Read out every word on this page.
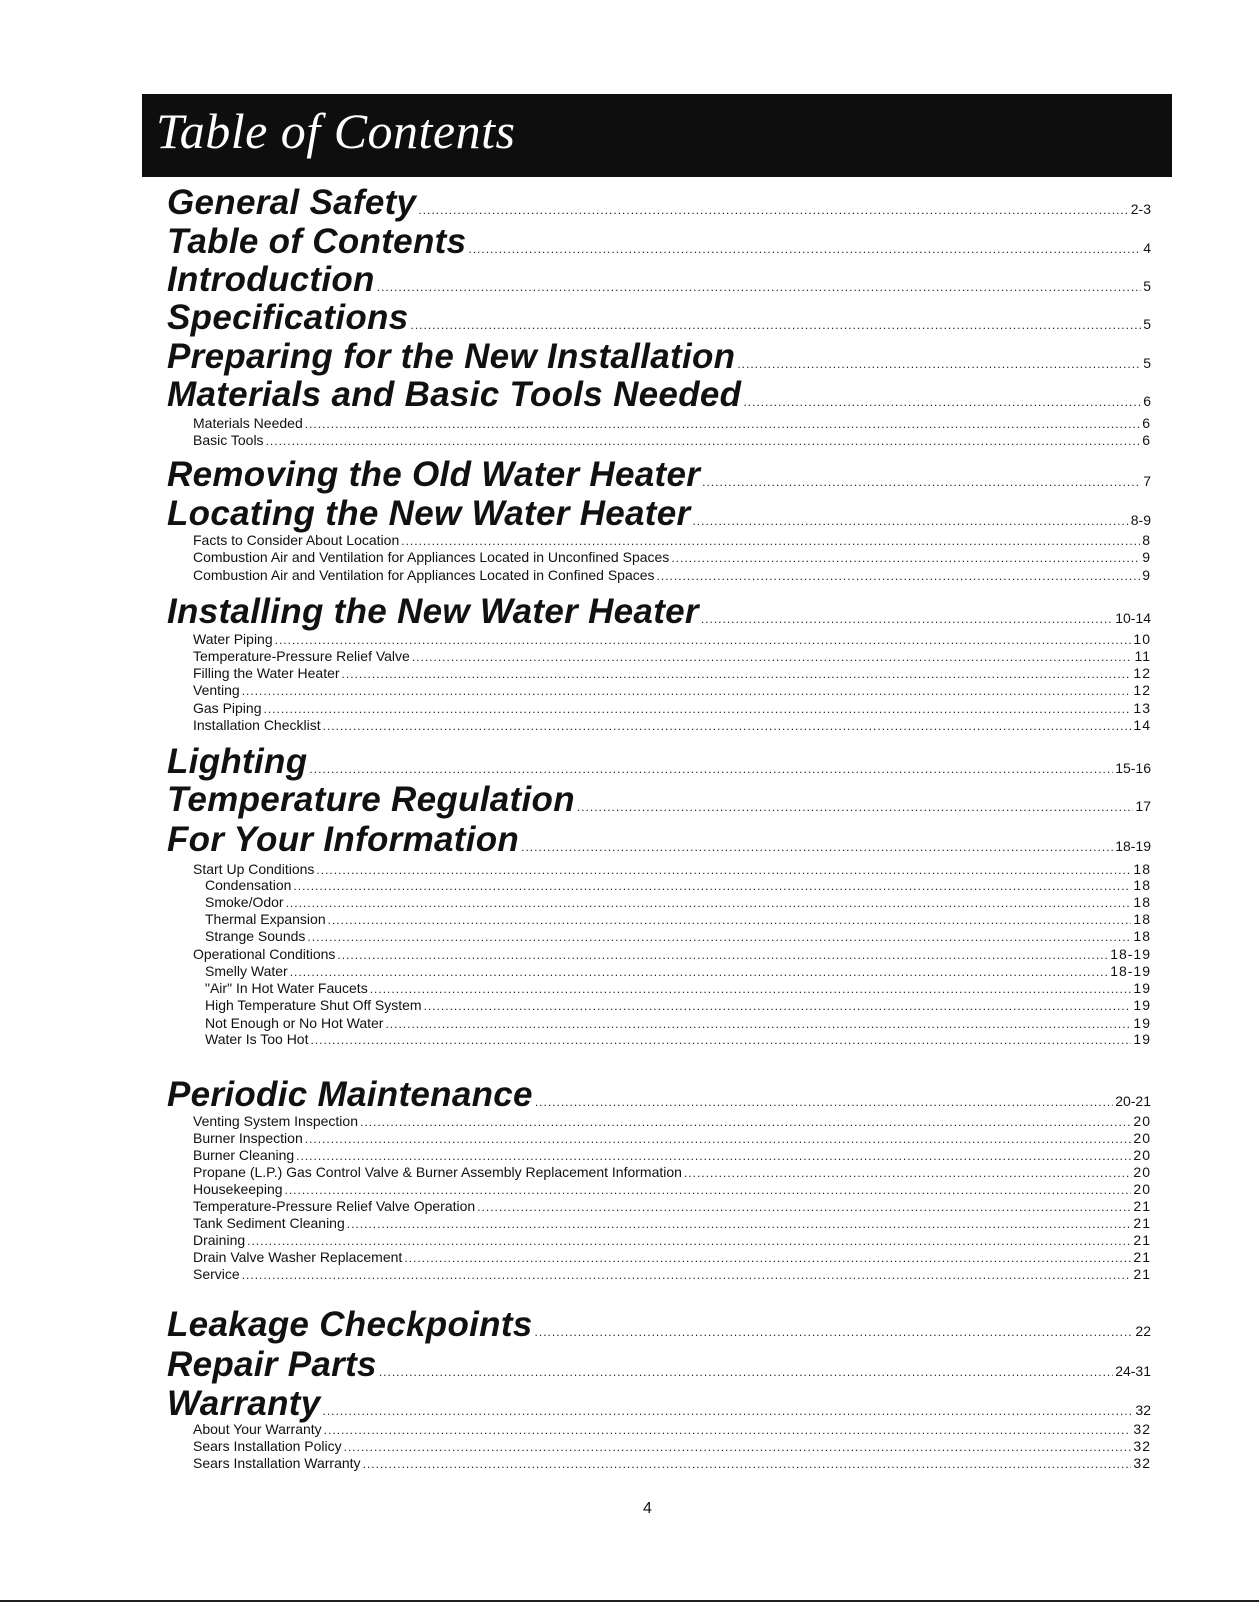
Table of Contents
General Safety .....	2-3
Table of Contents .....	4
Introduction .....	5
Specifications .....	5
Preparing for the New Installation .....	5
Materials and Basic Tools Needed .....	6
Materials Needed .....	6
Basic Tools .....	6
Removing the Old Water Heater .....	7
Locating the New Water Heater .....	8-9
Facts to Consider About Location .....	8
Combustion Air and Ventilation for Appliances Located in Unconfined Spaces .....	9
Combustion Air and Ventilation for Appliances Located in Confined Spaces .....	9
Installing the New Water Heater .....	10-14
Water Piping .....	10
Temperature-Pressure Relief Valve .....	11
Filling the Water Heater .....	12
Venting .....	12
Gas Piping .....	13
Installation Checklist .....	14
Lighting .....	15-16
Temperature Regulation .....	17
For Your Information .....	18-19
Start Up Conditions .....	18
Condensation .....	18
Smoke/Odor .....	18
Thermal Expansion .....	18
Strange Sounds .....	18
Operational Conditions .....	18-19
Smelly Water .....	18-19
"Air" In Hot Water Faucets .....	19
High Temperature Shut Off System .....	19
Not Enough or No Hot Water .....	19
Water Is Too Hot .....	19
Periodic Maintenance .....	20-21
Venting System Inspection .....	20
Burner Inspection .....	20
Burner Cleaning .....	20
Propane (L.P.) Gas Control Valve & Burner Assembly Replacement Information .....	20
Housekeeping .....	20
Temperature-Pressure Relief Valve Operation .....	21
Tank Sediment Cleaning .....	21
Draining .....	21
Drain Valve Washer Replacement .....	21
Service .....	21
Leakage Checkpoints .....	22
Repair Parts .....	24-31
Warranty .....	32
About Your Warranty .....	32
Sears Installation Policy .....	32
Sears Installation Warranty .....	32
4
